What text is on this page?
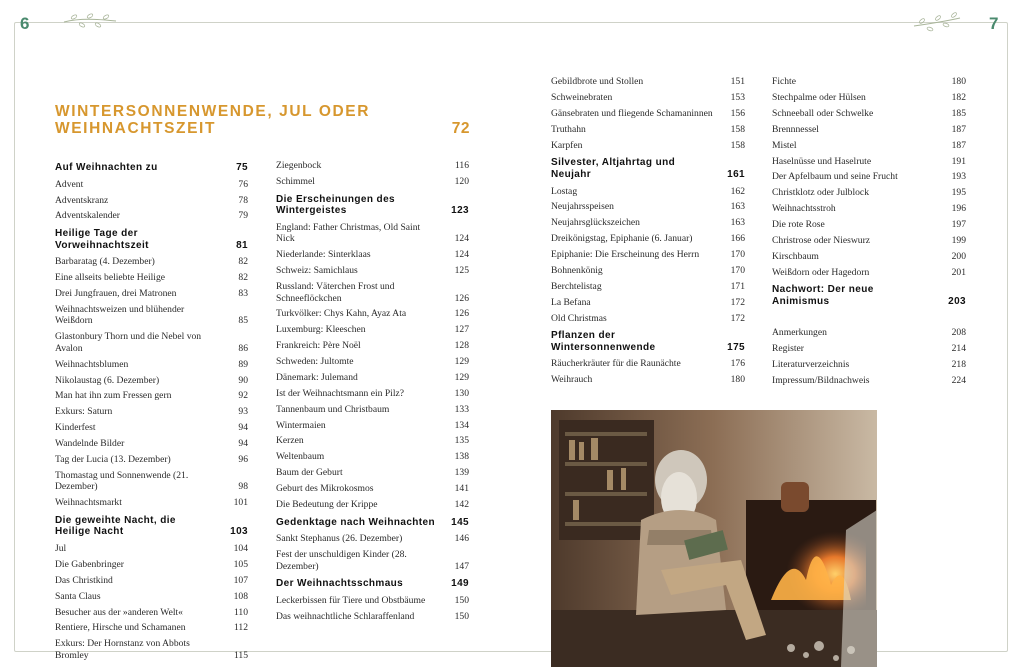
6	7
WINTERSONNENWENDE, JUL ODER WEIHNACHTSZEIT	72
Auf Weihnachten zu	75
Advent	76
Adventskranz	78
Adventskalender	79
Heilige Tage der Vorweihnachtszeit	81
Barbaratag (4. Dezember)	82
Eine allseits beliebte Heilige	82
Drei Jungfrauen, drei Matronen	83
Weihnachtsweizen und blühender Weißdorn	85
Glastonbury Thorn und die Nebel von Avalon	86
Weihnachtsblumen	89
Nikolaustag (6. Dezember)	90
Man hat ihn zum Fressen gern	92
Exkurs: Saturn	93
Kinderfest	94
Wandelnde Bilder	94
Tag der Lucia (13. Dezember)	96
Thomastag und Sonnenwende (21. Dezember)	98
Weihnachtsmarkt	101
Die geweihte Nacht, die Heilige Nacht	103
Jul	104
Die Gabenbringer	105
Das Christkind	107
Santa Claus	108
Besucher aus der »anderen Welt«	110
Rentiere, Hirsche und Schamanen	112
Exkurs: Der Hornstanz von Abbots Bromley	115
Ziegenbock	116
Schimmel	120
Die Erscheinungen des Wintergeistes	123
England: Father Christmas, Old Saint Nick	124
Niederlande: Sinterklaas	124
Schweiz: Samichlaus	125
Russland: Väterchen Frost und Schneeflöckchen	126
Turkvölker: Chys Kahn, Ayaz Ata	126
Luxemburg: Kleeschen	127
Frankreich: Père Noël	128
Schweden: Jultomte	129
Dänemark: Julemand	129
Ist der Weihnachtsmann ein Pilz?	130
Tannenbaum und Christbaum	133
Wintermaien	134
Kerzen	135
Weltenbaum	138
Baum der Geburt	139
Geburt des Mikrokosmos	141
Die Bedeutung der Krippe	142
Gedenktage nach Weihnachten	145
Sankt Stephanus (26. Dezember)	146
Fest der unschuldigen Kinder (28. Dezember)	147
Der Weihnachtsschmaus	149
Leckerbissen für Tiere und Obstbäume	150
Das weihnachtliche Schlaraffenland	150
Gebildbrote und Stollen	151
Schweinebraten	153
Gänsebraten und fliegende Schamaninnen	156
Truthahn	158
Karpfen	158
Silvester, Altjahrtag und Neujahr	161
Lostag	162
Neujahrsspeisen	163
Neujahrsglückszeichen	163
Dreikönigstag, Epiphanie (6. Januar)	166
Epiphanie: Die Erscheinung des Herrn	170
Bohnenkönig	170
Berchtelistag	171
La Befana	172
Old Christmas	172
Pflanzen der Wintersonnenwende	175
Räucherkräuter für die Raunächte	176
Weihrauch	180
Fichte	180
Stechpalme oder Hülsen	182
Schneeball oder Schwelke	185
Brennnessel	187
Mistel	187
Haselnüsse und Haselrute	191
Der Apfelbaum und seine Frucht	193
Christklotz oder Julblock	195
Weihnachtsstroh	196
Die rote Rose	197
Christrose oder Nieswurz	199
Kirschbaum	200
Weißdorn oder Hagedorn	201
Nachwort: Der neue Animismus	203
Anmerkungen	208
Register	214
Literaturverzeichnis	218
Impressum/Bildnachweis	224
